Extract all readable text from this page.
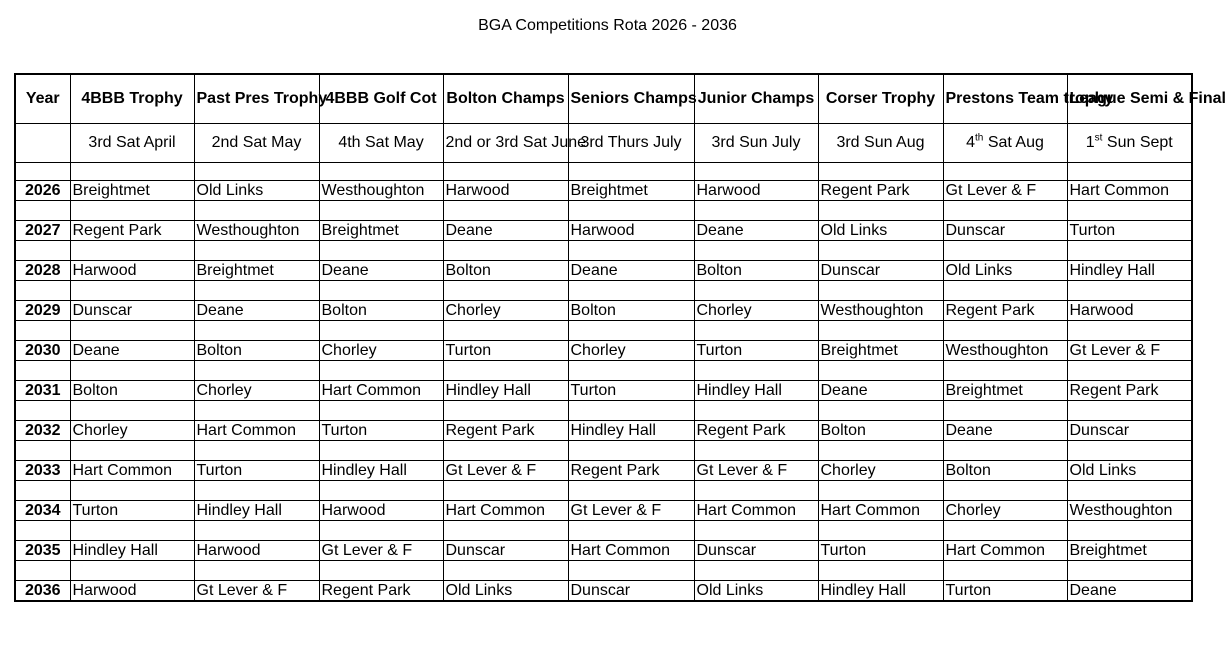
BGA Competitions Rota 2026 - 2036
Year	4BBB Trophy	Past Pres Trophy	4BBB Golf Cot	Bolton Champs	Seniors Champs	Junior Champs	Corser Trophy	Prestons Team trophy	League Semi & Final
	3rd Sat April	2nd Sat May	4th Sat May	2nd or 3rd Sat June	3rd Thurs July	3rd Sun July	3rd Sun Aug	4th Sat Aug	1st Sun Sept

2026	Breightmet	Old Links	Westhoughton	Harwood	Breightmet	Harwood	Regent Park	Gt Lever & F	Hart Common

2027	Regent Park	Westhoughton	Breightmet	Deane	Harwood	Deane	Old Links	Dunscar	Turton

2028	Harwood	Breightmet	Deane	Bolton	Deane	Bolton	Dunscar	Old Links	Hindley Hall

2029	Dunscar	Deane	Bolton	Chorley	Bolton	Chorley	Westhoughton	Regent Park	Harwood

2030	Deane	Bolton	Chorley	Turton	Chorley	Turton	Breightmet	Westhoughton	Gt Lever & F

2031	Bolton	Chorley	Hart Common	Hindley Hall	Turton	Hindley Hall	Deane	Breightmet	Regent Park

2032	Chorley	Hart Common	Turton	Regent Park	Hindley Hall	Regent Park	Bolton	Deane	Dunscar

2033	Hart Common	Turton	Hindley Hall	Gt Lever & F	Regent Park	Gt Lever & F	Chorley	Bolton	Old Links

2034	Turton	Hindley Hall	Harwood	Hart Common	Gt Lever & F	Hart Common	Hart Common	Chorley	Westhoughton

2035	Hindley Hall	Harwood	Gt Lever & F	Dunscar	Hart Common	Dunscar	Turton	Hart Common	Breightmet

2036	Harwood	Gt Lever & F	Regent Park	Old Links	Dunscar	Old Links	Hindley Hall	Turton	Deane
